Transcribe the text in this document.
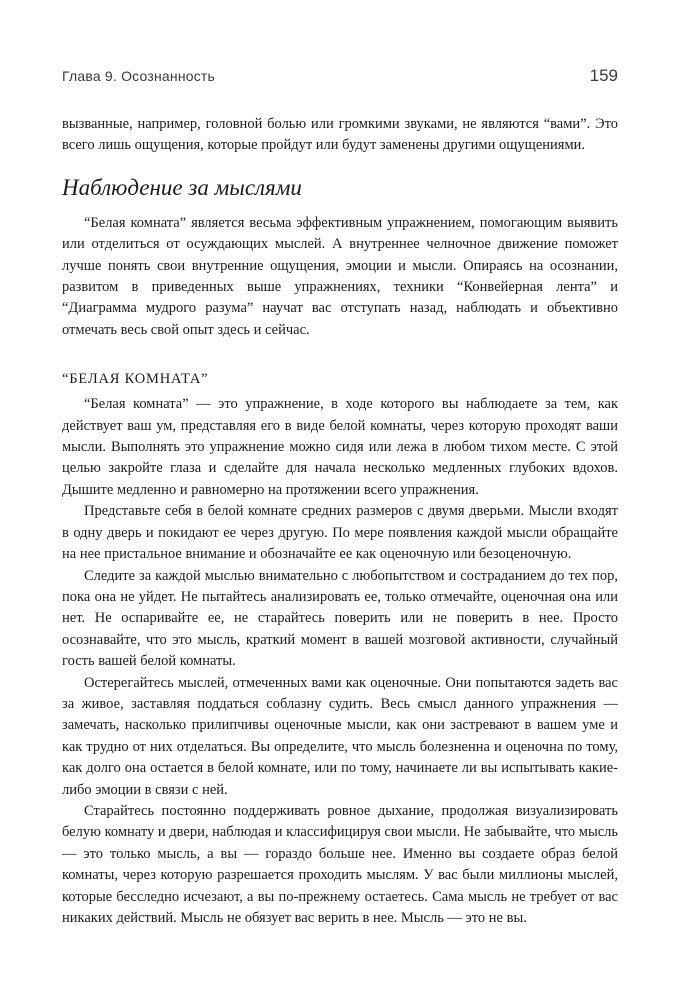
Глава 9. Осознанность	159

вызванные, например, головной болью или громкими звуками, не являются “вами”. Это всего лишь ощущения, которые пройдут или будут заменены другими ощущениями.

Наблюдение за мыслями

“Белая комната” является весьма эффективным упражнением, помогающим выявить или отделиться от осуждающих мыслей. А внутреннее челночное движение поможет лучше понять свои внутренние ощущения, эмоции и мысли. Опираясь на осознании, развитом в приведенных выше упражнениях, техники “Конвейерная лента” и “Диаграмма мудрого разума” научат вас отступать назад, наблюдать и объективно отмечать весь свой опыт здесь и сейчас.

“БЕЛАЯ КОМНАТА”

“Белая комната” — это упражнение, в ходе которого вы наблюдаете за тем, как действует ваш ум, представляя его в виде белой комнаты, через которую проходят ваши мысли. Выполнять это упражнение можно сидя или лежа в любом тихом месте. С этой целью закройте глаза и сделайте для начала несколько медленных глубоких вдохов. Дышите медленно и равномерно на протяжении всего упражнения.

Представьте себя в белой комнате средних размеров с двумя дверьми. Мысли входят в одну дверь и покидают ее через другую. По мере появления каждой мысли обращайте на нее пристальное внимание и обозначайте ее как оценочную или безоценочную.

Следите за каждой мыслью внимательно с любопытством и состраданием до тех пор, пока она не уйдет. Не пытайтесь анализировать ее, только отмечайте, оценочная она или нет. Не оспаривайте ее, не старайтесь поверить или не поверить в нее. Просто осознавайте, что это мысль, краткий момент в вашей мозговой активности, случайный гость вашей белой комнаты.

Остерегайтесь мыслей, отмеченных вами как оценочные. Они попытаются задеть вас за живое, заставляя поддаться соблазну судить. Весь смысл данного упражнения — замечать, насколько прилипчивы оценочные мысли, как они застревают в вашем уме и как трудно от них отделаться. Вы определите, что мысль болезненна и оценочна по тому, как долго она остается в белой комнате, или по тому, начинаете ли вы испытывать какие-либо эмоции в связи с ней.

Старайтесь постоянно поддерживать ровное дыхание, продолжая визуализировать белую комнату и двери, наблюдая и классифицируя свои мысли. Не забывайте, что мысль — это только мысль, а вы — гораздо больше нее. Именно вы создаете образ белой комнаты, через которую разрешается проходить мыслям. У вас были миллионы мыслей, которые бесследно исчезают, а вы по-прежнему остаетесь. Сама мысль не требует от вас никаких действий. Мысль не обязует вас верить в нее. Мысль — это не вы.
